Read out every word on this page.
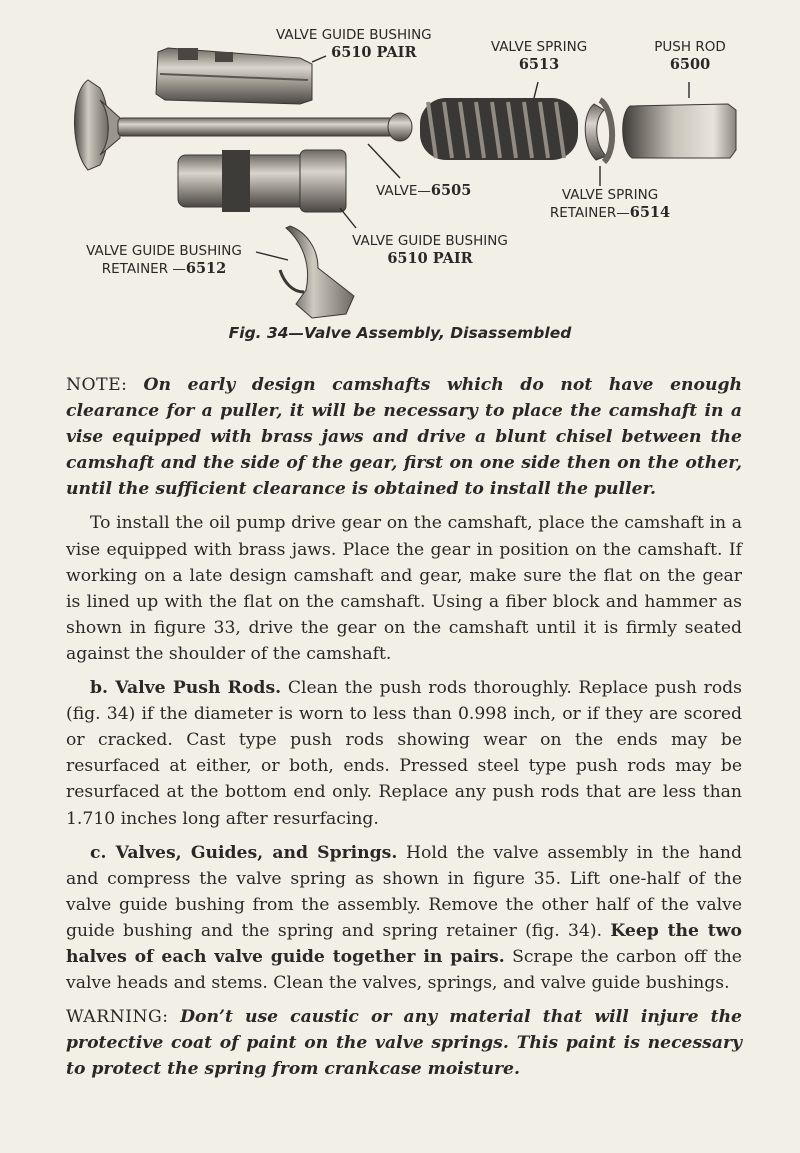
VALVE GUIDE BUSHING
6510 PAIR	VALVE SPRING
6513
PUSH ROD
6500
VALVE—6505	VALVE SPRING
RETAINER—6514
VALVE GUIDE BUSHING
6510 PAIR
VALVE GUIDE BUSHING
RETAINER —6512
Fig. 34—Valve Assembly, Disassembled

NOTE: On early design camshafts which do not have enough clearance for a puller, it will be necessary to place the camshaft in a vise equipped with brass jaws and drive a blunt chisel between the camshaft and the side of the gear, first on one side then on the other, until the sufficient clearance is obtained to install the puller.

To install the oil pump drive gear on the camshaft, place the camshaft in a vise equipped with brass jaws. Place the gear in position on the camshaft. If working on a late design camshaft and gear, make sure the flat on the gear is lined up with the flat on the camshaft. Using a fiber block and hammer as shown in figure 33, drive the gear on the camshaft until it is firmly seated against the shoulder of the camshaft.

b. Valve Push Rods. Clean the push rods thoroughly. Replace push rods (fig. 34) if the diameter is worn to less than 0.998 inch, or if they are scored or cracked. Cast type push rods showing wear on the ends may be resurfaced at either, or both, ends. Pressed steel type push rods may be resurfaced at the bottom end only. Replace any push rods that are less than 1.710 inches long after resurfacing.

c. Valves, Guides, and Springs. Hold the valve assembly in the hand and compress the valve spring as shown in figure 35. Lift one-half of the valve guide bushing from the assembly. Remove the other half of the valve guide bushing and the spring and spring retainer (fig. 34). Keep the two halves of each valve guide together in pairs. Scrape the carbon off the valve heads and stems. Clean the valves, springs, and valve guide bushings.

WARNING: Don’t use caustic or any material that will injure the protective coat of paint on the valve springs. This paint is necessary to protect the spring from crankcase moisture.
